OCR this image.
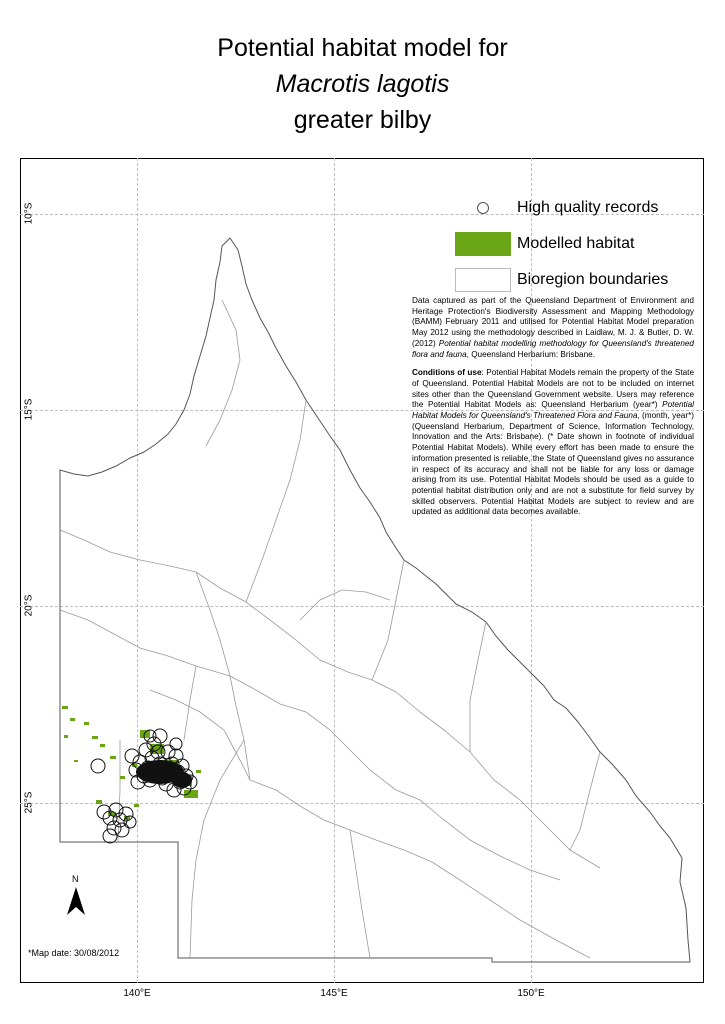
Potential habitat model for
Macrotis lagotis
greater bilby
10°S
15°S
20°S
25°S
140°E	145°E	150°E
High quality records
Modelled habitat
Bioregion boundaries

Data captured as part of the Queensland Department of Environment and Heritage Protection's Biodiversity Assessment and Mapping Methodology (BAMM) February 2011 and utilised for Potential Habitat Model preparation May 2012 using the methodology described in Laidlaw, M. J. & Butler, D. W. (2012) Potential habitat modelling methodology for Queensland's threatened flora and fauna, Queensland Herbarium: Brisbane.

Conditions of use: Potential Habitat Models remain the property of the State of Queensland. Potential Habitat Models are not to be included on internet sites other than the Queensland Government website. Users may reference the Potential Habitat Models as: Queensland Herbarium (year*) Potential Habitat Models for Queensland's Threatened Flora and Fauna, (month, year*) (Queensland Herbarium, Department of Science, Information Technology, Innovation and the Arts: Brisbane). (* Date shown in footnote of individual Potential Habitat Models). While every effort has been made to ensure the information presented is reliable, the State of Queensland gives no assurance in respect of its accuracy and shall not be liable for any loss or damage arising from its use. Potential Habitat Models should be used as a guide to potential habitat distribution only and are not a substitute for field survey by skilled observers. Potential Habitat Models are subject to review and are updated as additional data becomes available.

N
*Map date: 30/08/2012
